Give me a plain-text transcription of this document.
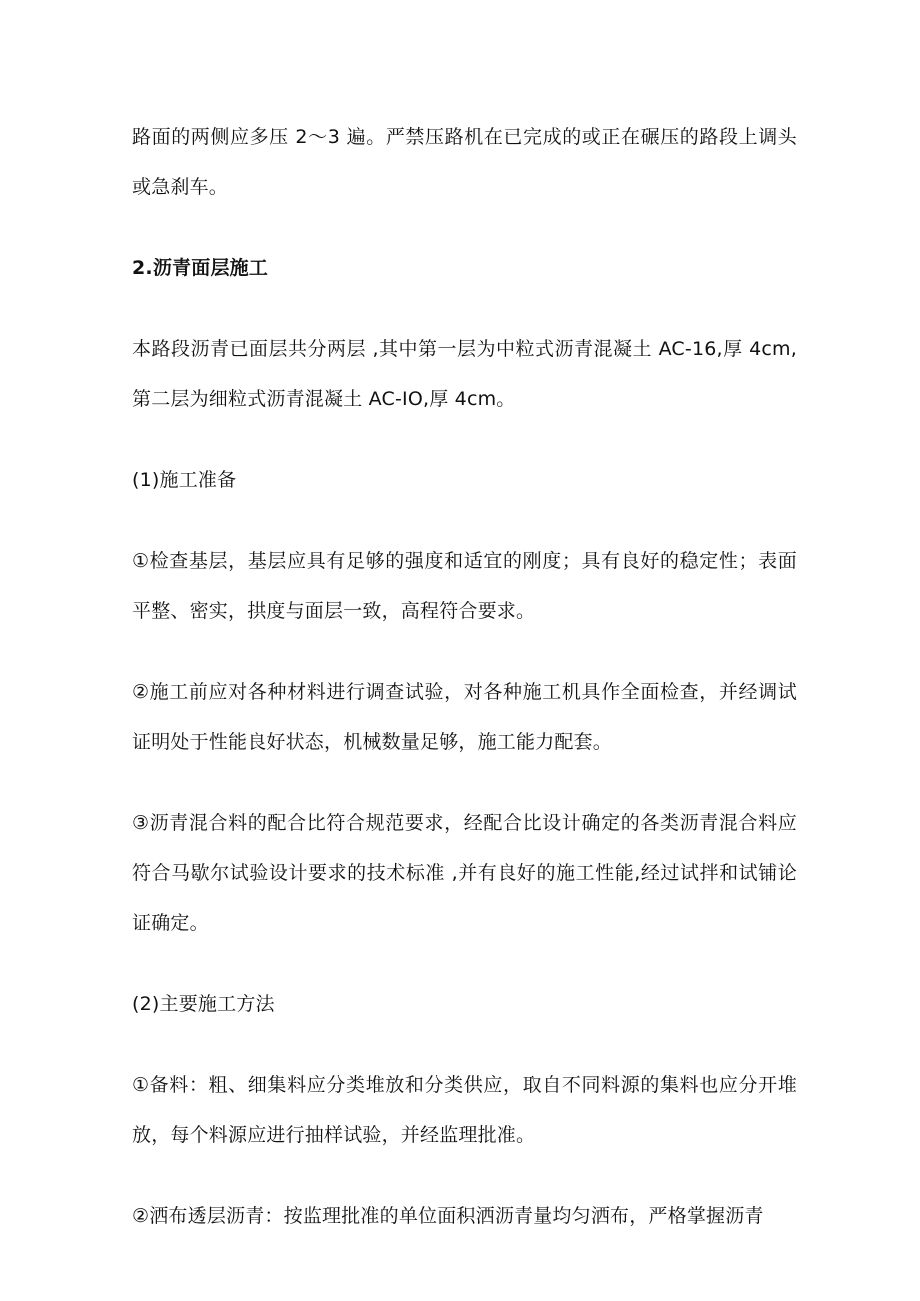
路面的两侧应多压 2～3 遍。严禁压路机在已完成的或正在碾压的路段上调头或急刹车。

2.沥青面层施工

本路段沥青已面层共分两层 ,其中第一层为中粒式沥青混凝土 AC-16,厚 4cm,第二层为细粒式沥青混凝土 AC-IO,厚 4cm。

(1)施工准备

①检查基层，基层应具有足够的强度和适宜的刚度；具有良好的稳定性；表面平整、密实，拱度与面层一致，高程符合要求。

②施工前应对各种材料进行调查试验，对各种施工机具作全面检查，并经调试证明处于性能良好状态，机械数量足够，施工能力配套。

③沥青混合料的配合比符合规范要求，经配合比设计确定的各类沥青混合料应符合马歇尔试验设计要求的技术标准 ,并有良好的施工性能,经过试拌和试铺论证确定。

(2)主要施工方法

①备料：粗、细集料应分类堆放和分类供应，取自不同料源的集料也应分开堆放，每个料源应进行抽样试验，并经监理批准。

②洒布透层沥青：按监理批准的单位面积洒沥青量均匀洒布，严格掌握沥青
